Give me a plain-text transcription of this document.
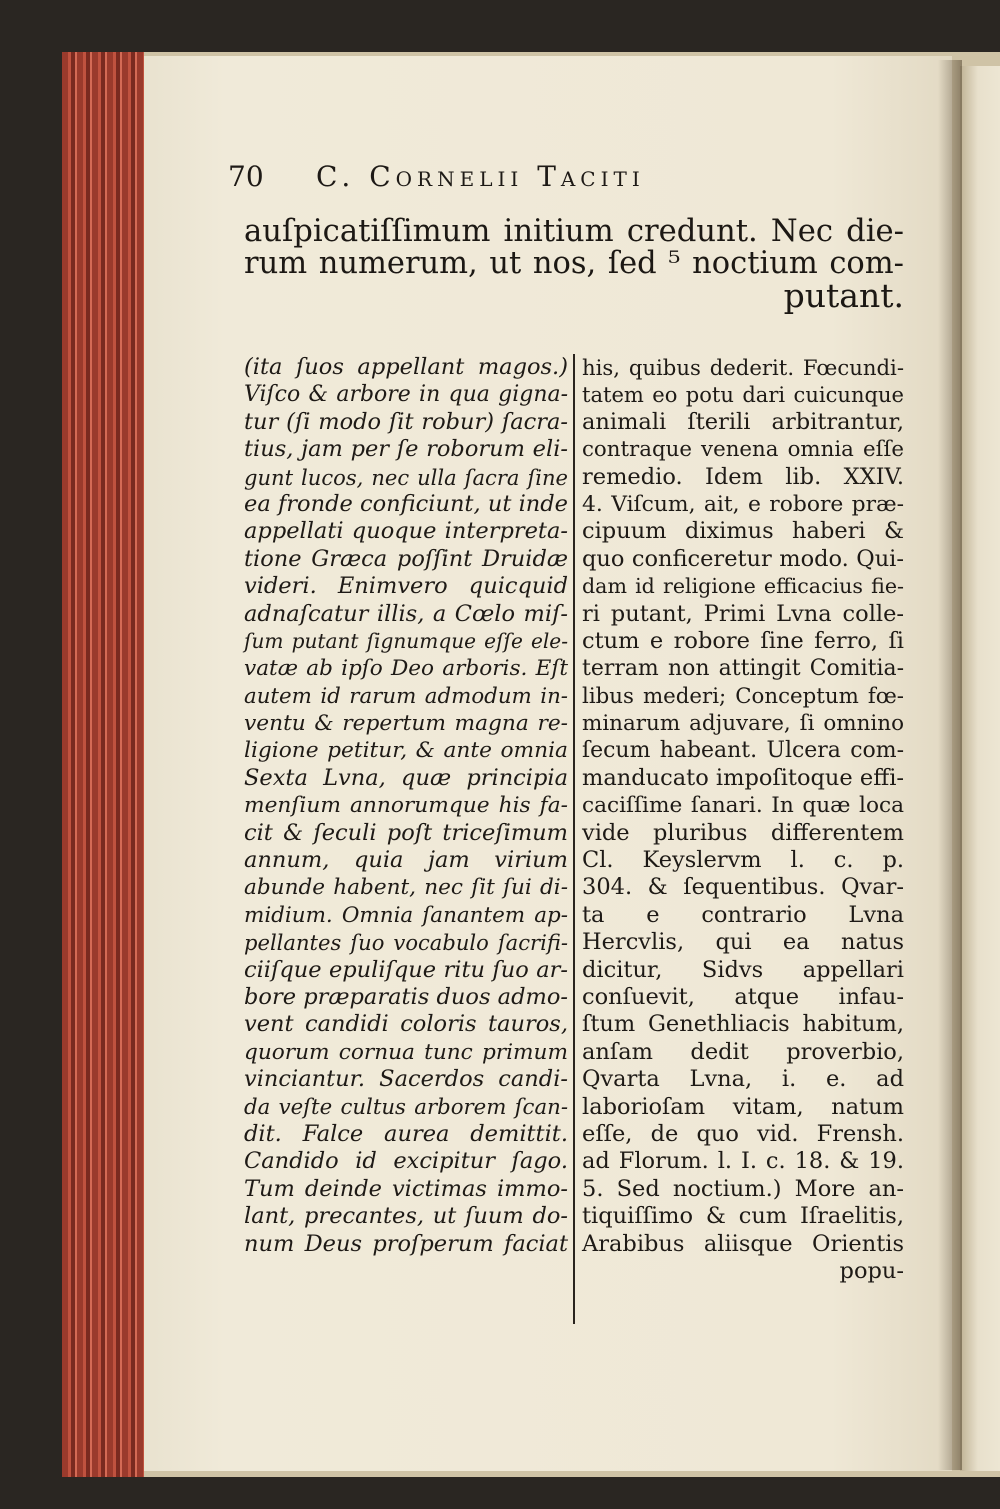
70 C. Cornelii Taciti
auſpicatiſſimum initium credunt. Nec die-
rum numerum, ut nos, ſed ⁵ noctium com-
putant.
(ita ſuos appellant magos.)
Viſco & arbore in qua gigna-
tur (ſi modo ſit robur) ſacra-
tius, jam per ſe roborum eli-
gunt lucos, nec ulla ſacra ſine
ea fronde conficiunt, ut inde
appellati quoque interpreta-
tione Græca poſſint Druidæ
videri. Enimvero quicquid
adnaſcatur illis, a Cœlo miſ-
ſum putant ſignumque eſſe ele-
vatæ ab ipſo Deo arboris. Eſt
autem id rarum admodum in-
ventu & repertum magna re-
ligione petitur, & ante omnia
Sexta Lvna, quæ principia
menſium annorumque his fa-
cit & ſeculi poſt triceſimum
annum, quia jam virium
abunde habent, nec ſit ſui di-
midium. Omnia ſanantem ap-
pellantes ſuo vocabulo ſacrifi-
ciiſque epuliſque ritu ſuo ar-
bore præparatis duos admo-
vent candidi coloris tauros,
quorum cornua tunc primum
vinciantur. Sacerdos candi-
da veſte cultus arborem ſcan-
dit. Falce aurea demittit.
Candido id excipitur ſago.
Tum deinde victimas immo-
lant, precantes, ut ſuum do-
num Deus proſperum faciat
his, quibus dederit. Fœcundi-
tatem eo potu dari cuicunque
animali ſterili arbitrantur,
contraque venena omnia eſſe
remedio. Idem lib. XXIV.
4. Viſcum, ait, e robore præ-
cipuum diximus haberi &
quo conficeretur modo. Qui-
dam id religione efficacius fie-
ri putant, Primi Lvna colle-
ctum e robore ſine ferro, ſi
terram non attingit Comitia-
libus mederi; Conceptum fœ-
minarum adjuvare, ſi omnino
ſecum habeant. Ulcera com-
manducato impoſitoque effi-
caciſſime ſanari. In quæ loca
vide pluribus differentem
Cl. Keyslervm l. c. p.
304. & ſequentibus. Qvar-
ta e contrario Lvna
Hercvlis, qui ea natus
dicitur, Sidvs appellari
conſuevit, atque infau-
ſtum Genethliacis habitum,
anſam dedit proverbio,
Qvarta Lvna, i. e. ad
laborioſam vitam, natum
eſſe, de quo vid. Frensh.
ad Florum. l. I. c. 18. & 19.
5. Sed noctium.) More an-
tiquiſſimo & cum Iſraelitis,
Arabibus aliisque Orientis
popu-
